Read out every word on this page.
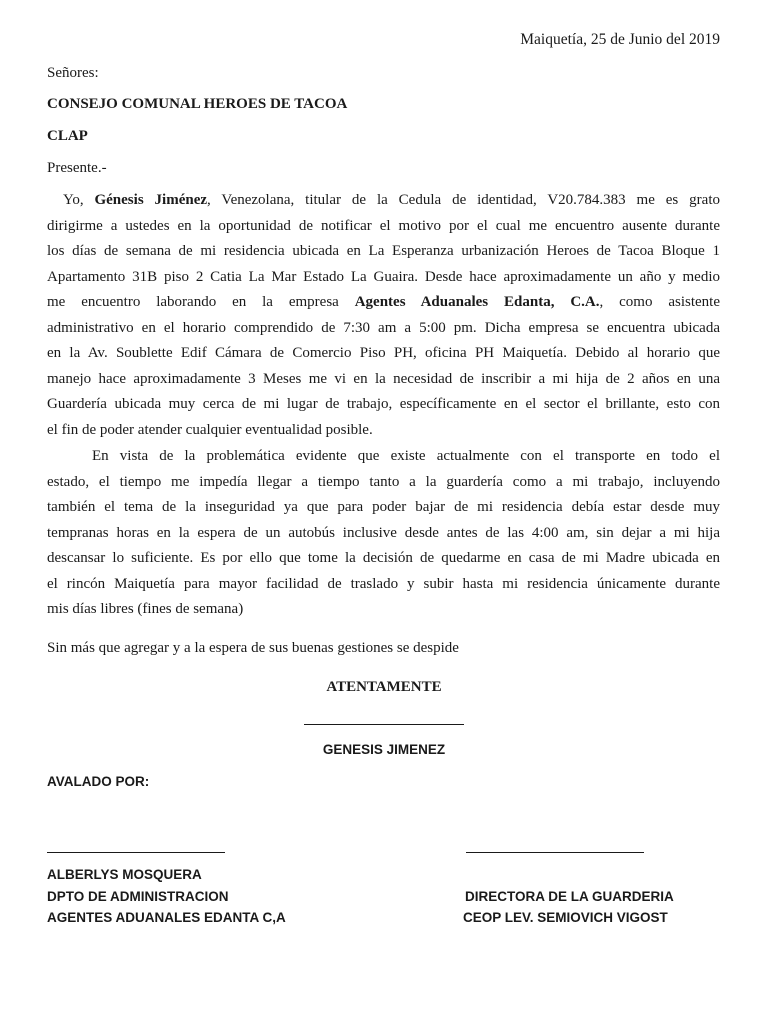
Maiquetía, 25 de Junio del 2019
Señores:
CONSEJO COMUNAL HEROES DE TACOA
CLAP
Presente.-
Yo, Génesis Jiménez, Venezolana, titular de la Cedula de identidad, V20.784.383 me es grato
dirigirme a ustedes en la oportunidad de notificar el motivo por el cual me encuentro ausente durante
los días de semana de mi residencia ubicada en La Esperanza urbanización Heroes de Tacoa Bloque 1
Apartamento 31B piso 2 Catia La Mar Estado La Guaira. Desde hace aproximadamente un año y medio
me encuentro laborando en la empresa Agentes Aduanales Edanta, C.A., como asistente
administrativo en el horario comprendido de 7:30 am a 5:00 pm. Dicha empresa se encuentra ubicada
en la Av. Soublette Edif Cámara de Comercio Piso PH, oficina PH Maiquetía. Debido al horario que
manejo hace aproximadamente 3 Meses me vi en la necesidad de inscribir a mi hija de 2 años en una
Guardería ubicada muy cerca de mi lugar de trabajo, específicamente en el sector el brillante, esto con
el fin de poder atender cualquier eventualidad posible.
En vista de la problemática evidente que existe actualmente con el transporte en todo el
estado, el tiempo me impedía llegar a tiempo tanto a la guardería como a mi trabajo, incluyendo
también el tema de la inseguridad ya que para poder bajar de mi residencia debía estar desde muy
tempranas horas en la espera de un autobús inclusive desde antes de las 4:00 am, sin dejar a mi hija
descansar lo suficiente. Es por ello que tome la decisión de quedarme en casa de mi Madre ubicada en
el rincón Maiquetía para mayor facilidad de traslado y subir hasta mi residencia únicamente durante
mis días libres (fines de semana)
Sin más que agregar y a la espera de sus buenas gestiones se despide
ATENTAMENTE
GENESIS JIMENEZ
AVALADO POR:
ALBERLYS MOSQUERA
DPTO DE ADMINISTRACION
AGENTES ADUANALES EDANTA C,A
DIRECTORA DE LA GUARDERIA
CEOP LEV. SEMIOVICH VIGOST
